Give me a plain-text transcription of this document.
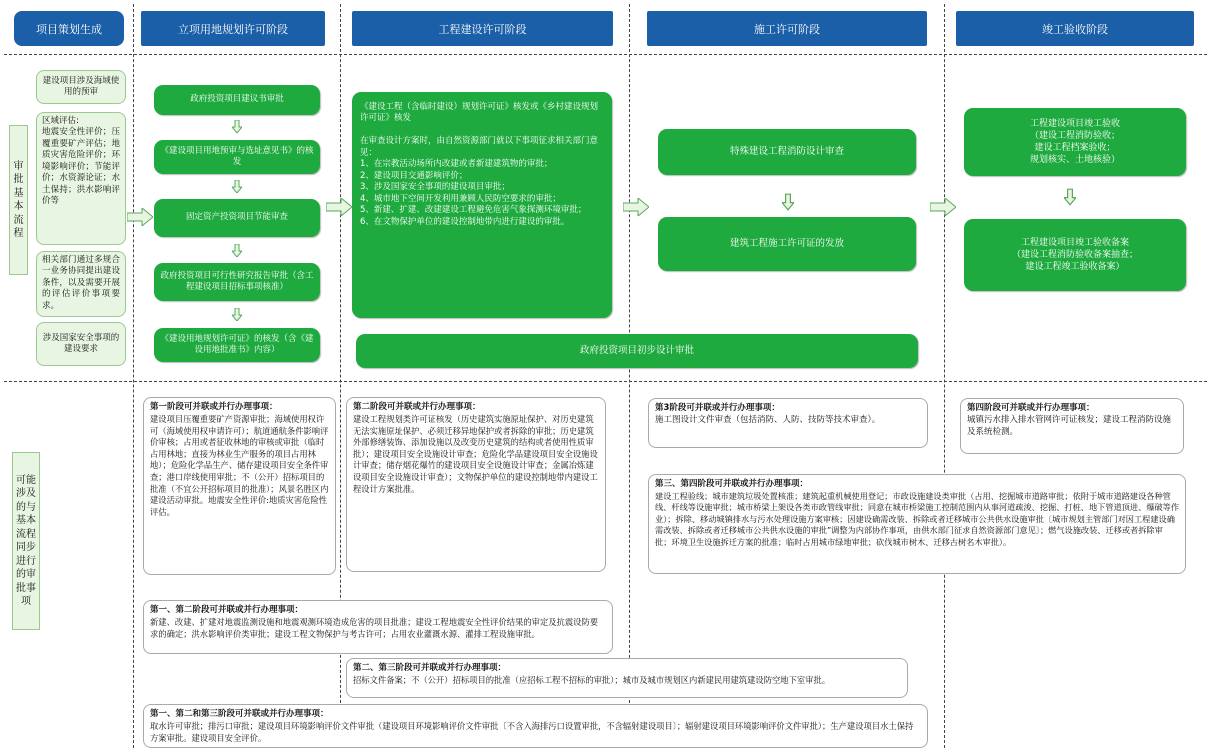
项目策划生成	立项用地规划许可阶段	工程建设许可阶段	施工许可阶段	竣工验收阶段
审批基本流程
可能涉及的与基本流程同步进行的审批事项
建设项目涉及海域使用的预审
区域评估:
地震安全性评价；压覆重要矿产评估；地质灾害危险评价；环境影响评价；节能评价；水资源论证；水土保持；洪水影响评价等
相关部门通过多规合一业务协同提出建设条件，以及需要开展的评估评价事项要求。
涉及国家安全事项的建设要求
政府投资项目建议书审批
《建设项目用地预审与选址意见书》的核发
固定资产投资项目节能审查
政府投资项目可行性研究报告审批（含工程建设项目招标事项核准）
《建设用地规划许可证》的核发（含《建设用地批准书》内容）
《建设工程（含临时建设）规划许可证》核发或《乡村建设规划许可证》核发

在审查设计方案时，由自然资源部门就以下事项征求相关部门意见：
1、在宗教活动场所内改建或者新建建筑物的审批；
2、建设项目交通影响评价；
3、涉及国家安全事项的建设项目审批；
4、城市地下空间开发利用兼顾人民防空要求的审批；
5、新建、扩建、改建建设工程避免危害气象探测环境审批；
6、在文物保护单位的建设控制地带内进行建设的审批。
政府投资项目初步设计审批
特殊建设工程消防设计审查
建筑工程施工许可证的发放
工程建设项目竣工验收
（建设工程消防验收；
建设工程档案验收；
规划核实、土地核验）
工程建设项目竣工验收备案
（建设工程消防验收备案抽查；
建设工程竣工验收备案）
第一阶段可并联或并行办理事项：
建设项目压覆重要矿产资源审批；海域使用权许可（海域使用权申请许可）；航道通航条件影响评价审核；占用或者征收林地的审核或审批（临时占用林地；直接为林业生产服务的项目占用林地）；危险化学品生产、储存建设项目安全条件审查；港口岸线使用审批；不（公开）招标项目的批准（不宜公开招标项目的批准）；风景名胜区内建设活动审批。地震安全性评价:地质灾害危险性评估。
第二阶段可并联或并行办理事项：
建设工程规划类许可证核发（历史建筑实施原址保护、对历史建筑无法实施原址保护、必须迁移异地保护或者拆除的审批；历史建筑外部修缮装饰、添加设施以及改变历史建筑的结构或者使用性质审批）；建设项目安全设施设计审查；危险化学品建设项目安全设施设计审查；储存烟花爆竹的建设项目安全设施设计审查；金属冶炼建设项目安全设施设计审查）；文物保护单位的建设控制地带内建设工程设计方案批准。
第3阶段可并联或并行办理事项：
施工图设计文件审查（包括消防、人防、技防等技术审查）。
第四阶段可并联或并行办理事项：
城镇污水排入排水管网许可证核发；建设工程消防设施及系统检测。
第三、第四阶段可并联或并行办理事项：
建设工程验线；城市建筑垃圾处置核准；建筑起重机械使用登记；市政设施建设类审批（占用、挖掘城市道路审批；依附于城市道路建设各种管线、杆线等设施审批；城市桥梁上架设各类市政管线审批；同意在城市桥梁施工控制范围内从事河道疏浚、挖掘、打桩、地下管道顶进、爆破等作业）；拆除、移动城镇排水与污水处理设施方案审核；因建设确需改装、拆除或者迁移城市公共供水设施审批〔城市规划主管部门对因工程建设确需改装、拆除或者迁移城市公共供水设施的审批”调整为内部协作事项，由供水部门征求自然资源部门意见〕；燃气设施改装、迁移或者拆除审批；环境卫生设施拆迁方案的批准；临时占用城市绿地审批；砍伐城市树木、迁移古树名木审批）。
第一、第二阶段可并联或并行办理事项：
新建、改建、扩建对地震监测设施和地震观测环境造成危害的项目批准；建设工程地震安全性评价结果的审定及抗震设防要求的确定；洪水影响评价类审批；建设工程文物保护与考古许可；占用农业灌溉水源、灌排工程设施审批。
第二、第三阶段可并联或并行办理事项：
招标文件备案；不（公开）招标项目的批准（应招标工程不招标的审批）；城市及城市规划区内新建民用建筑建设防空地下室审批。
第一、第二和第三阶段可并联或并行办理事项：
取水许可审批；排污口审批；建设项目环境影响评价文件审批（建设项目环境影响评价文件审批〔不含入海排污口设置审批，不含辐射建设项目〕；辐射建设项目环境影响评价文件审批）；生产建设项目水土保持方案审批。建设项目安全评价。
